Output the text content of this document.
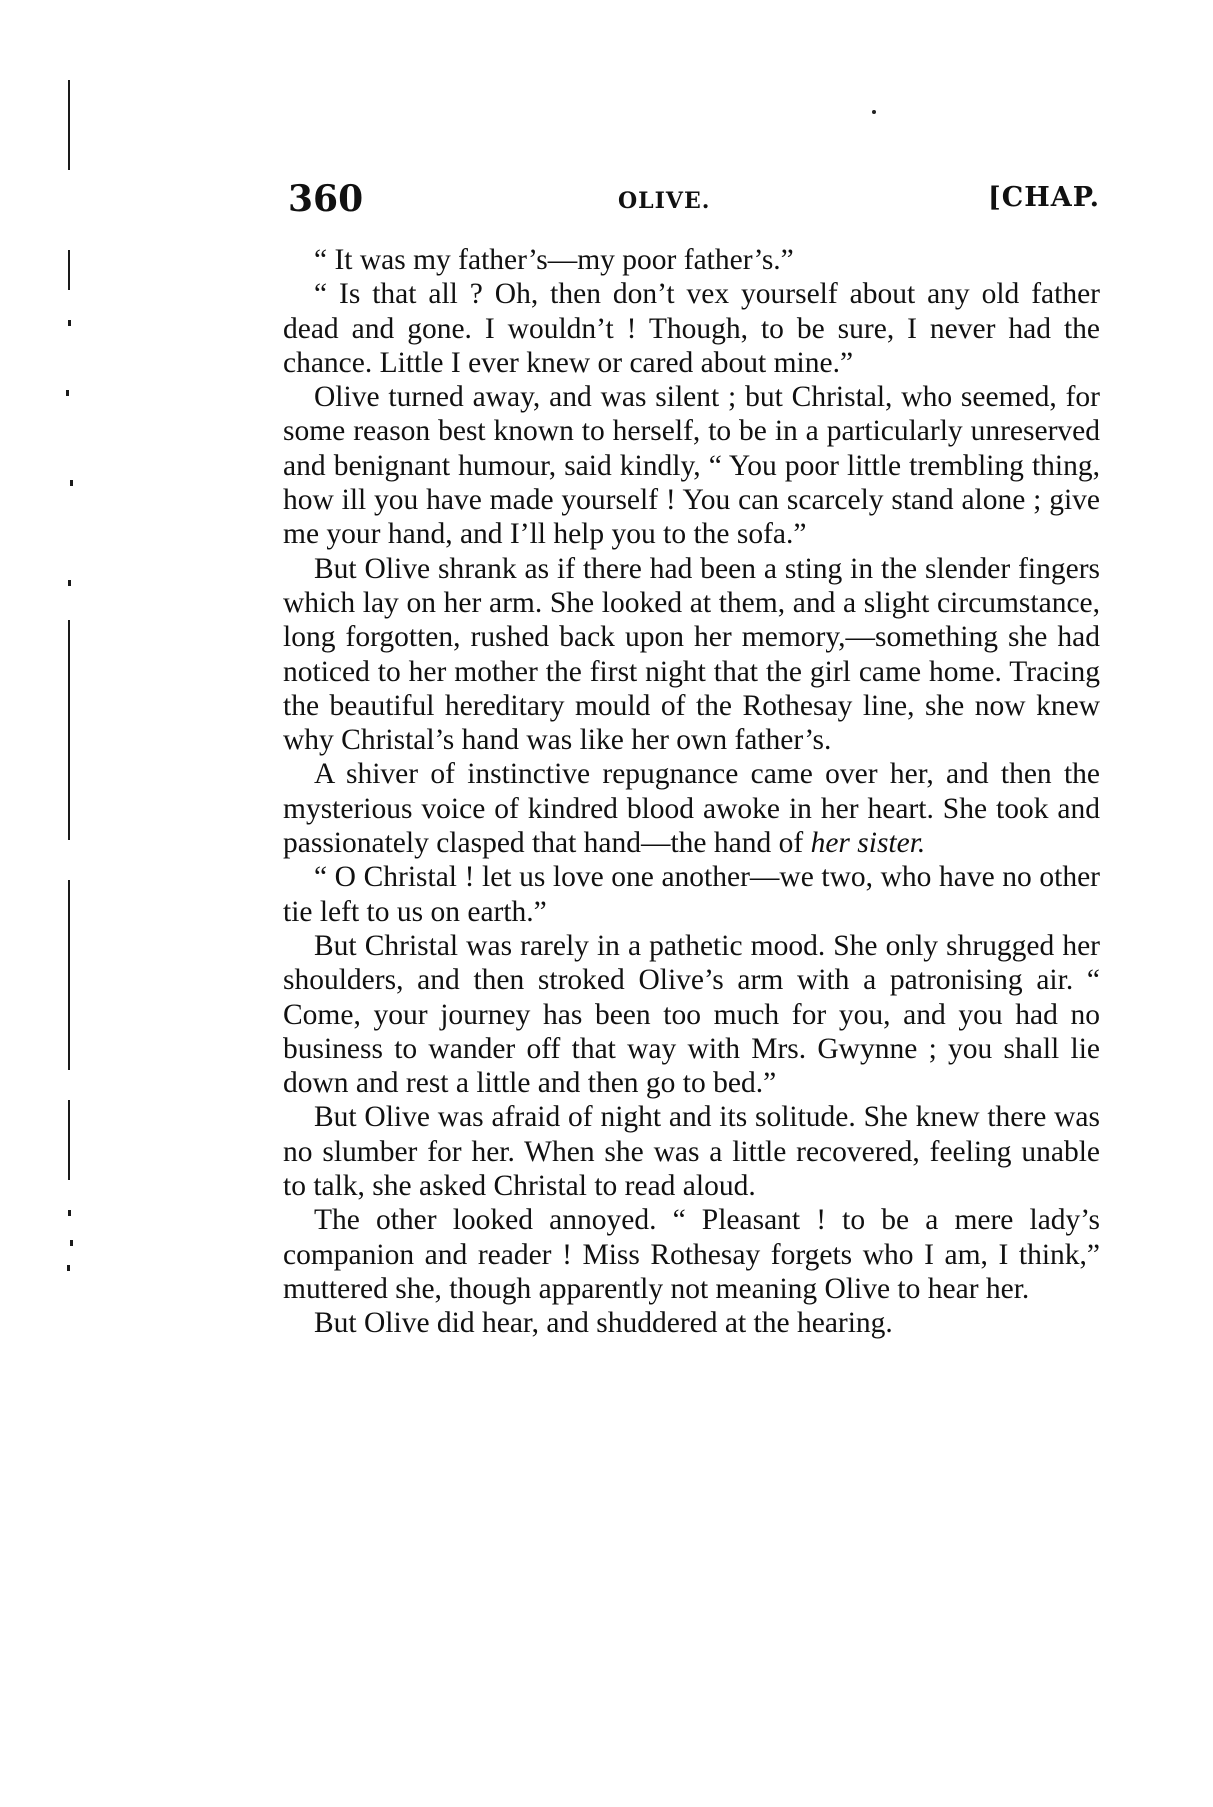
360	OLIVE.	[CHAP.

“ It was my father’s—my poor father’s.”

“ Is that all ? Oh, then don’t vex yourself about any old father dead and gone. I wouldn’t ! Though, to be sure, I never had the chance. Little I ever knew or cared about mine.”

Olive turned away, and was silent ; but Christal, who seemed, for some reason best known to herself, to be in a particularly unreserved and benignant humour, said kindly, “ You poor little trembling thing, how ill you have made yourself ! You can scarcely stand alone ; give me your hand, and I’ll help you to the sofa.”

But Olive shrank as if there had been a sting in the slender fingers which lay on her arm. She looked at them, and a slight circumstance, long forgotten, rushed back upon her memory,—something she had noticed to her mother the first night that the girl came home. Tracing the beautiful hereditary mould of the Rothesay line, she now knew why Christal’s hand was like her own father’s.

A shiver of instinctive repugnance came over her, and then the mysterious voice of kindred blood awoke in her heart. She took and passionately clasped that hand—the hand of her sister.

“ O Christal ! let us love one another—we two, who have no other tie left to us on earth.”

But Christal was rarely in a pathetic mood. She only shrugged her shoulders, and then stroked Olive’s arm with a patronising air. “ Come, your journey has been too much for you, and you had no business to wander off that way with Mrs. Gwynne ; you shall lie down and rest a little and then go to bed.”

But Olive was afraid of night and its solitude. She knew there was no slumber for her. When she was a little recovered, feeling unable to talk, she asked Christal to read aloud.

The other looked annoyed. “ Pleasant ! to be a mere lady’s companion and reader ! Miss Rothesay forgets who I am, I think,” muttered she, though apparently not meaning Olive to hear her.

But Olive did hear, and shuddered at the hearing.
